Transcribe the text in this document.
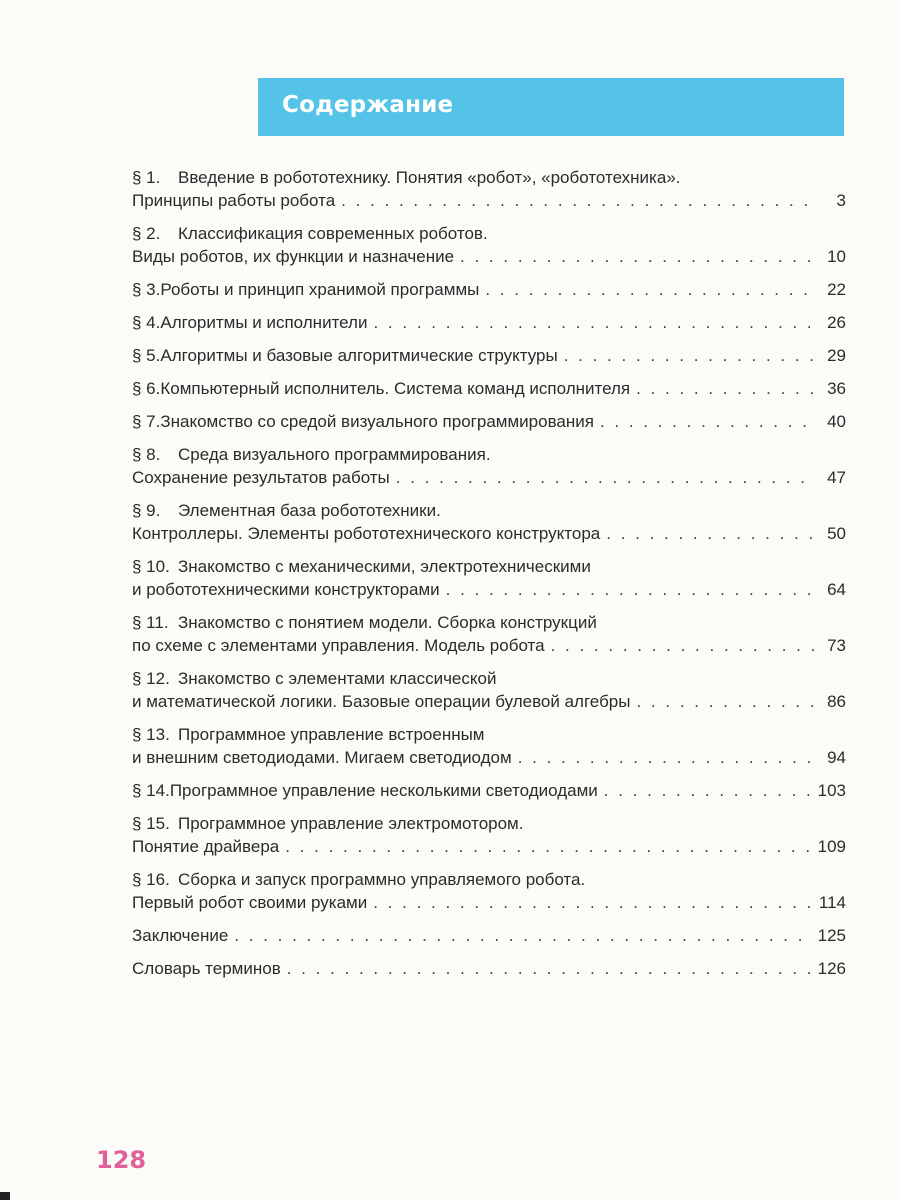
Содержание
§ 1.	Введение в робототехнику. Понятия «робот», «робототехника».
Принципы работы робота . . .	3
§ 2.	Классификация современных роботов.
Виды роботов, их функции и назначение . . .	10
§ 3. Роботы и принцип хранимой программы . . .	22
§ 4. Алгоритмы и исполнители . . .	26
§ 5. Алгоритмы и базовые алгоритмические структуры . . .	29
§ 6. Компьютерный исполнитель. Система команд исполнителя . . .	36
§ 7. Знакомство со средой визуального программирования . . .	40
§ 8.	Среда визуального программирования.
Сохранение результатов работы . . .	47
§ 9.	Элементная база робототехники.
Контроллеры. Элементы робототехнического конструктора . . .	50
§ 10. Знакомство с механическими, электротехническими
и робототехническими конструкторами . . .	64
§ 11. Знакомство с понятием модели. Сборка конструкций
по схеме с элементами управления. Модель робота . . .	73
§ 12. Знакомство с элементами классической
и математической логики. Базовые операции булевой алгебры . . .	86
§ 13. Программное управление встроенным
и внешним светодиодами. Мигаем светодиодом . . .	94
§ 14. Программное управление несколькими светодиодами . . .	103
§ 15. Программное управление электромотором.
Понятие драйвера . . .	109
§ 16. Сборка и запуск программно управляемого робота.
Первый робот своими руками . . .	114
Заключение . . .	125
Словарь терминов . . .	126
128
